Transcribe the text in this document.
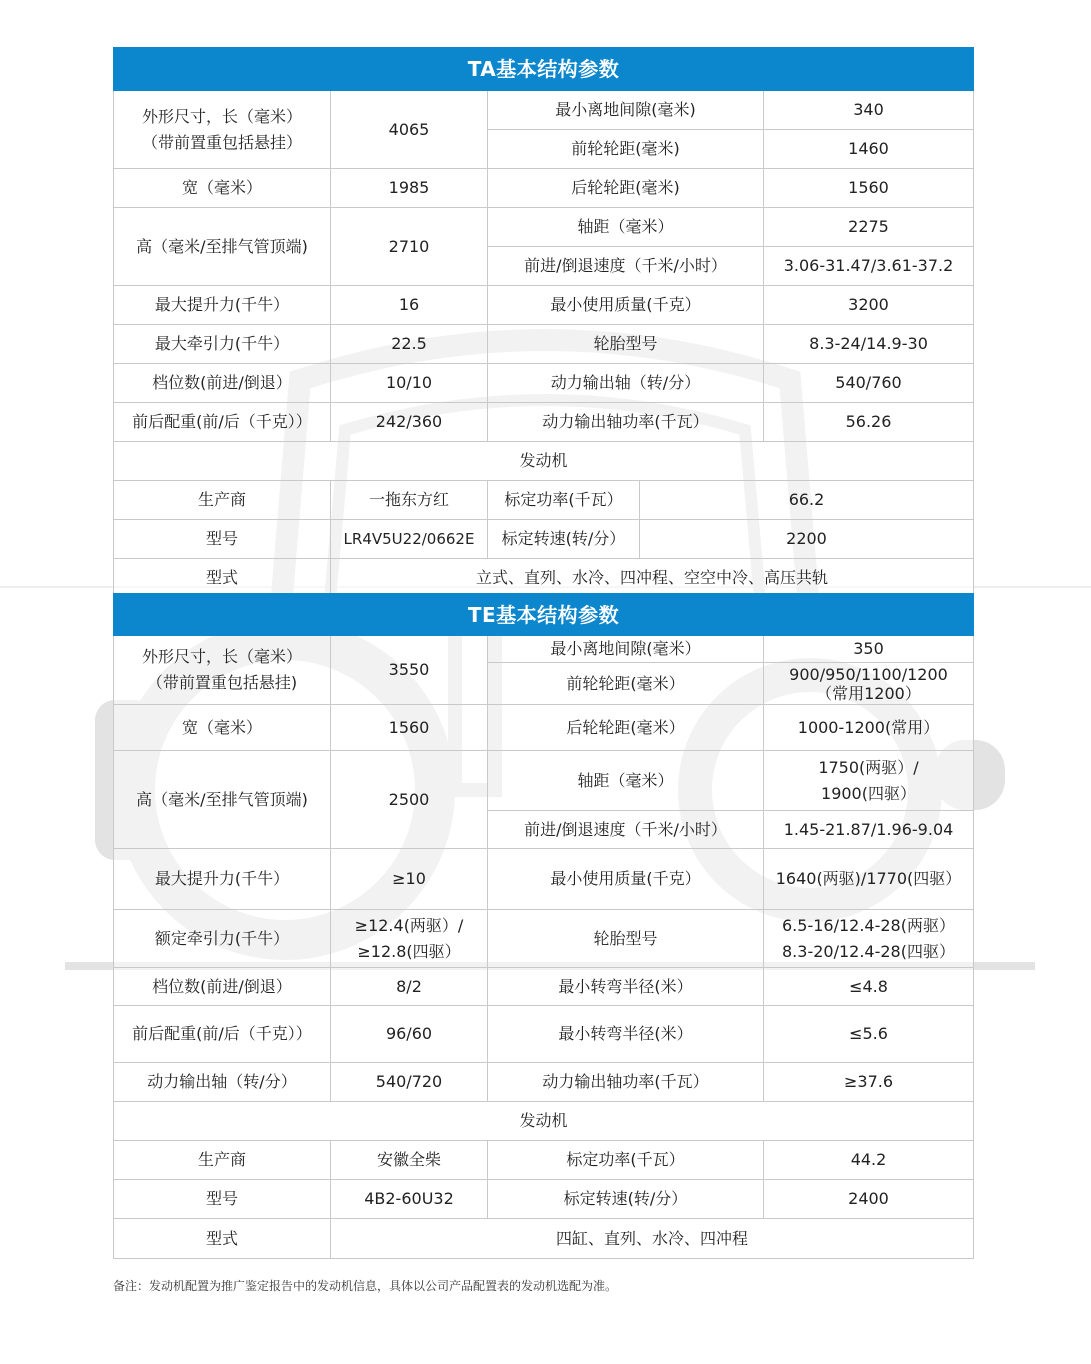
TA基本结构参数				

外形尺寸，长（毫米）
（带前置重包括悬挂）	4065	最小离地间隙(毫米)		340
		前轮轮距(毫米)		1460
宽（毫米）	1985	后轮轮距(毫米)		1560
高（毫米/至排气管顶端)	2710	轴距（毫米）		2275
		前进/倒退速度（千米/小时）		3.06-31.47/3.61-37.2
最大提升力(千牛）	16	最小使用质量(千克）		3200
最大牵引力(千牛）	22.5	轮胎型号		8.3-24/14.9-30
档位数(前进/倒退）	10/10	动力输出轴（转/分）		540/760
前后配重(前/后（千克））	242/360	动力输出轴功率(千瓦）		56.26
发动机				
生产商	一拖东方红	标定功率(千瓦）	66.2	
型号	LR4V5U22/0662E	标定转速(转/分）	2200	
型式	立式、直列、水冷、四冲程、空空中冷、高压共轨			
TE基本结构参数			

外形尺寸，长（毫米）
（带前置重包括悬挂)	3550	最小离地间隙(毫米）	350
		前轮轮距(毫米）	900/950/1100/1200
（常用1200）

宽（毫米）	1560	后轮轮距(毫米）	1000-1200(常用）
高（毫米/至排气管顶端)	2500	轴距（毫米）	1750(两驱）/
1900(四驱）

		前进/倒退速度（千米/小时）	1.45-21.87/1.96-9.04
最大提升力(千牛）	≥10	最小使用质量(千克）	1640(两驱)/1770(四驱）
额定牵引力(千牛）	≥12.4(两驱）/
≥12.8(四驱）	轮胎型号	6.5-16/12.4-28(两驱）
8.3-20/12.4-28(四驱）

档位数(前进/倒退）	8/2	最小转弯半径(米）	≤4.8
前后配重(前/后（千克））	96/60	最小转弯半径(米）	≤5.6
动力输出轴（转/分）	540/720	动力输出轴功率(千瓦）	≥37.6
发动机			
生产商	安徽全柴	标定功率(千瓦）	44.2
型号	4B2-60U32	标定转速(转/分）	2400
型式	四缸、直列、水冷、四冲程		
备注：发动机配置为推广鉴定报告中的发动机信息，具体以公司产品配置表的发动机选配为准。
